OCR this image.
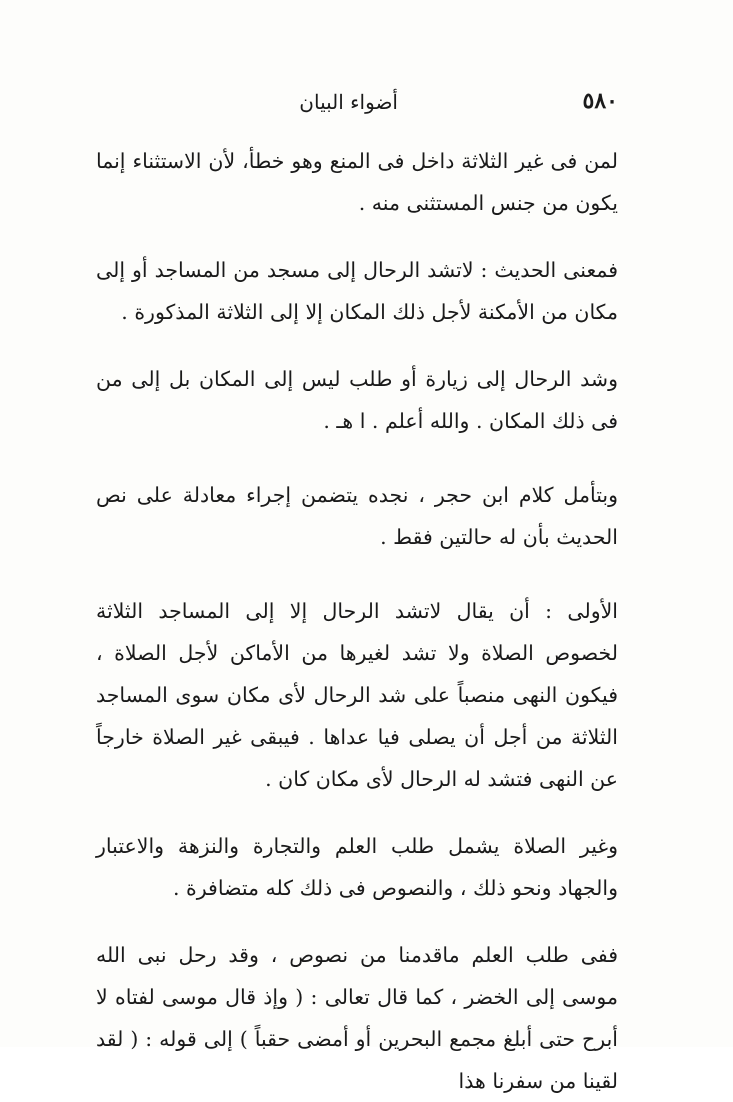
٥٨٠
أضواء البيان

لمن فى غير الثلاثة داخل فى المنع وهو خطأ، لأن الاستثناء إنما يكون من جنس المستثنى منه .

فمعنى الحديث : لاتشد الرحال إلى مسجد من المساجد أو إلى مكان من الأمكنة لأجل ذلك المكان إلا إلى الثلاثة المذكورة .

وشد الرحال إلى زيارة أو طلب ليس إلى المكان بل إلى من فى ذلك المكان . والله أعلم . ا هـ .

وبتأمل كلام ابن حجر ، نجده يتضمن إجراء معادلة على نص الحديث بأن له حالتين فقط .

الأولى : أن يقال لاتشد الرحال إلا إلى المساجد الثلاثة لخصوص الصلاة ولا تشد لغيرها من الأماكن لأجل الصلاة ، فيكون النهى منصباً على شد الرحال لأى مكان سوى المساجد الثلاثة من أجل أن يصلى فيا عداها . فيبقى غير الصلاة خارجاً عن النهى فتشد له الرحال لأى مكان كان .

وغير الصلاة يشمل طلب العلم والتجارة والنزهة والاعتبار والجهاد ونحو ذلك ، والنصوص فى ذلك كله متضافرة .

ففى طلب العلم ماقدمنا من نصوص ، وقد رحل نبى الله موسى إلى الخضر ، كما قال تعالى : ( وإذ قال موسى لفتاه لا أبرح حتى أبلغ مجمع البحرين أو أمضى حقباً ) إلى قوله : ( لقد لقينا من سفرنا هذا
